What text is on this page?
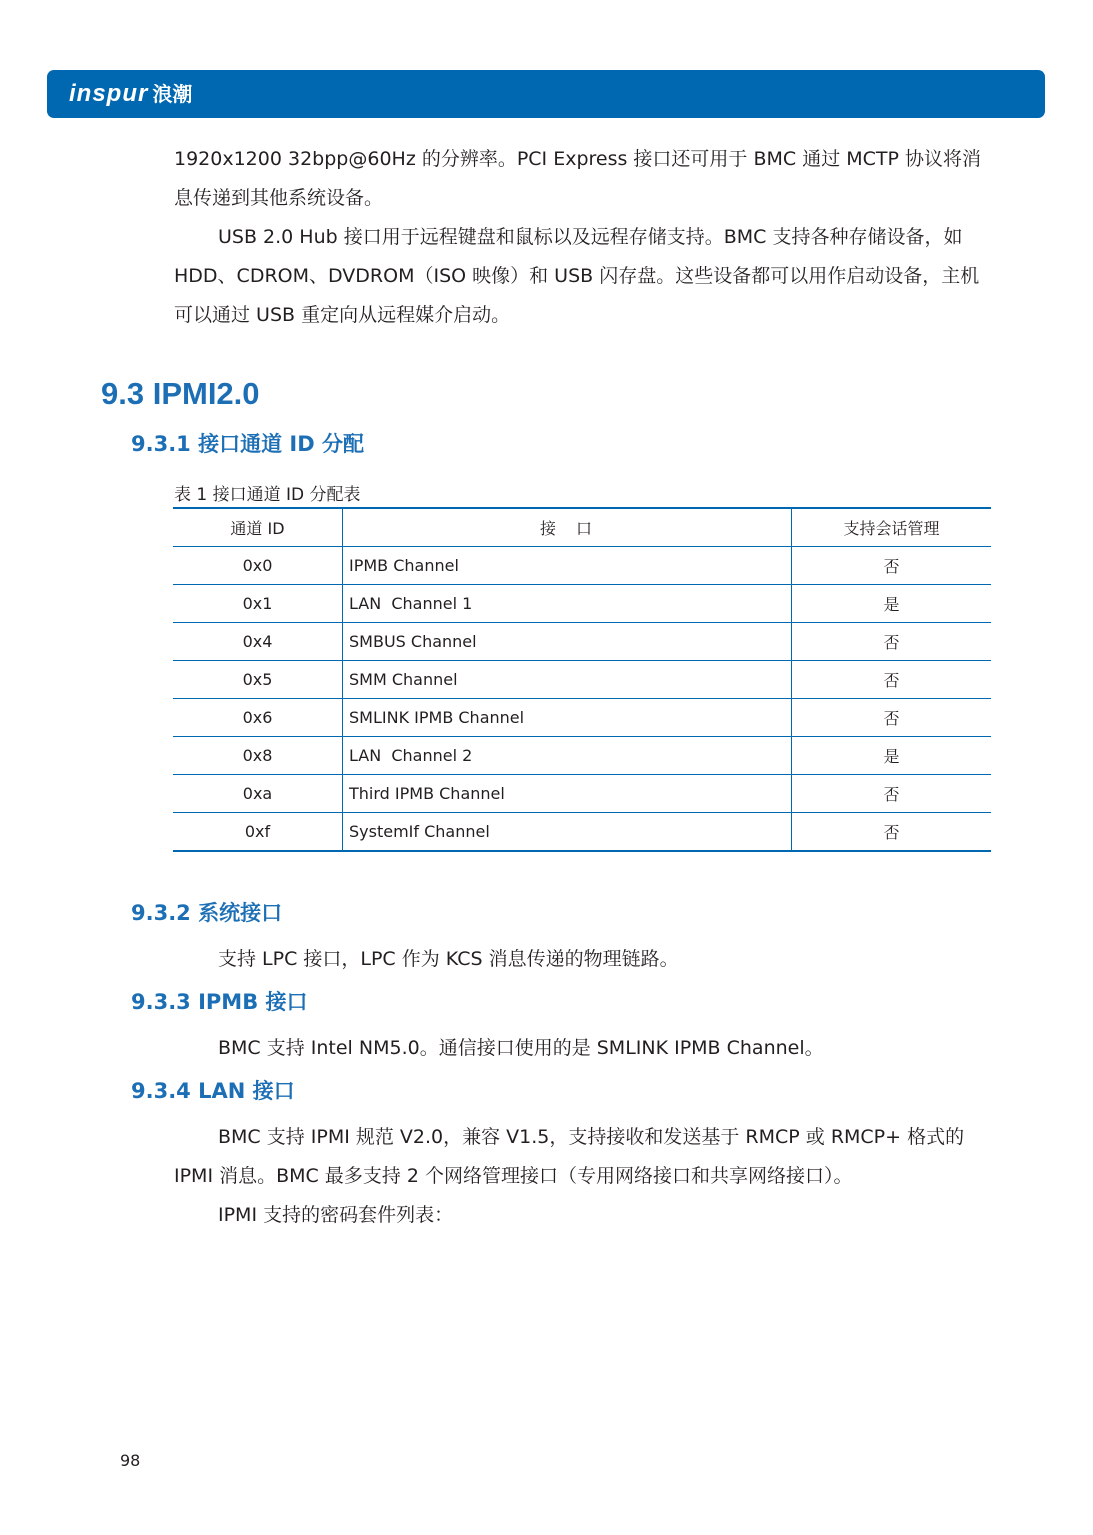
inspur 浪潮

1920x1200 32bpp@60Hz 的分辨率。PCI Express 接口还可用于 BMC 通过 MCTP 协议将消息传递到其他系统设备。

USB 2.0 Hub 接口用于远程键盘和鼠标以及远程存储支持。BMC 支持各种存储设备，如 HDD、CDROM、DVDROM（ISO 映像）和 USB 闪存盘。这些设备都可以用作启动设备，主机可以通过 USB 重定向从远程媒介启动。

9.3 IPMI2.0
9.3.1 接口通道 ID 分配

表 1 接口通道 ID 分配表

通道 ID	接　口	支持会话管理
0x0	IPMB Channel	否
0x1	LAN  Channel 1	是
0x4	SMBUS Channel	否
0x5	SMM Channel	否
0x6	SMLINK IPMB Channel	否
0x8	LAN  Channel 2	是
0xa	Third IPMB Channel	否
0xf	SystemIf Channel	否
9.3.2 系统接口

支持 LPC 接口，LPC 作为 KCS 消息传递的物理链路。

9.3.3 IPMB 接口

BMC 支持 Intel NM5.0。通信接口使用的是 SMLINK IPMB Channel。

9.3.4 LAN 接口

BMC 支持 IPMI 规范 V2.0，兼容 V1.5，支持接收和发送基于 RMCP 或 RMCP+ 格式的 IPMI 消息。BMC 最多支持 2 个网络管理接口（专用网络接口和共享网络接口）。

IPMI 支持的密码套件列表：

98
